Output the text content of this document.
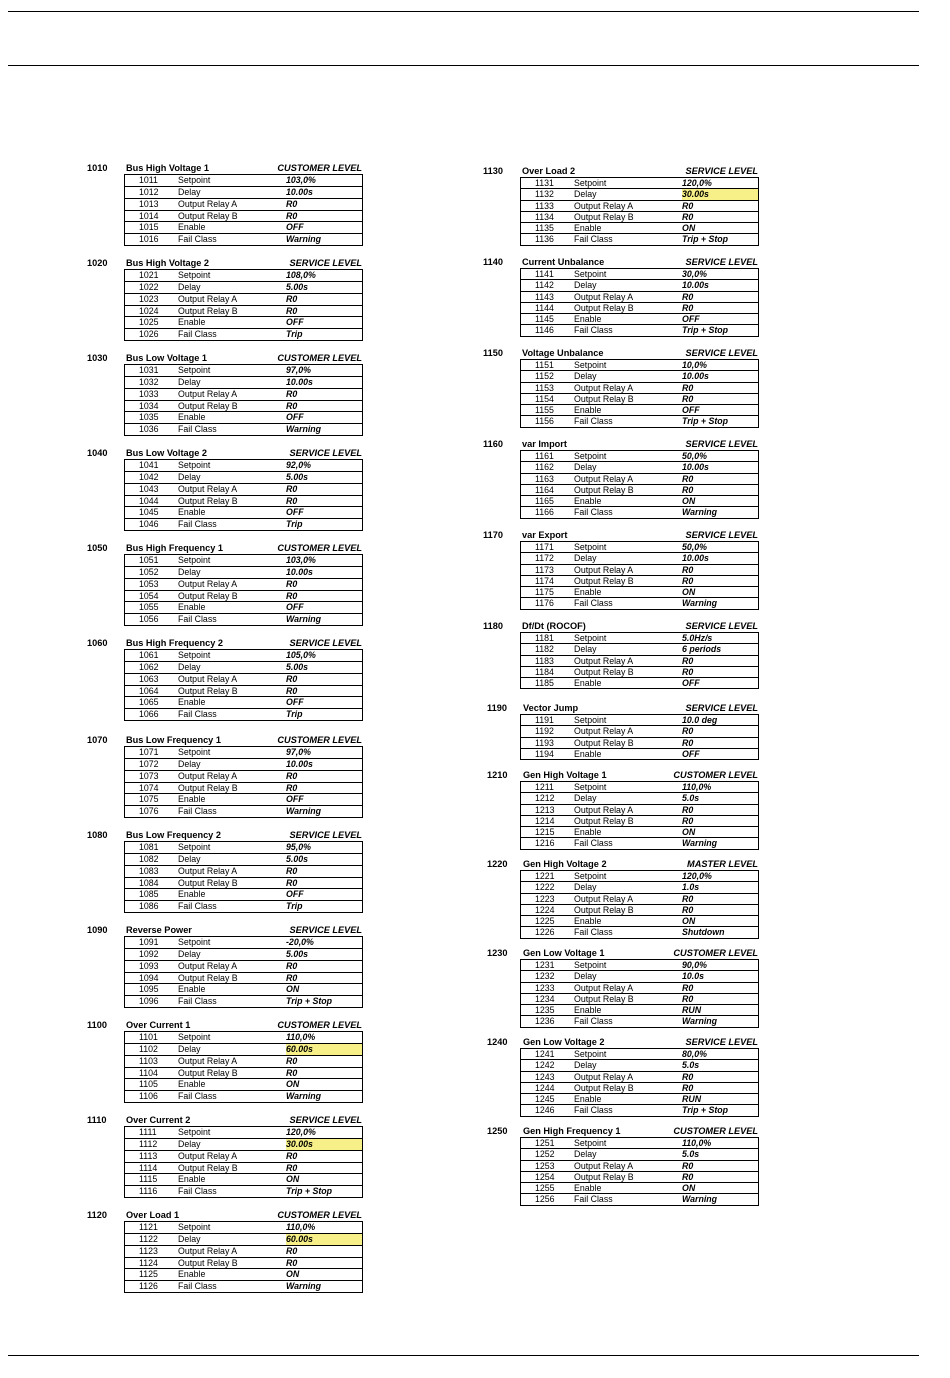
1010 Bus High Voltage 1	CUSTOMER LEVEL
1011 Setpoint	103,0%
1012 Delay	10.00s
1013 Output Relay A	R0
1014 Output Relay B	R0
1015 Enable	OFF
1016 Fail Class	Warning
1020 Bus High Voltage 2	SERVICE LEVEL
1021 Setpoint	108,0%
1022 Delay	5.00s
1023 Output Relay A	R0
1024 Output Relay B	R0
1025 Enable	OFF
1026 Fail Class	Trip
1030 Bus Low Voltage 1	CUSTOMER LEVEL
1031 Setpoint	97,0%
1032 Delay	10.00s
1033 Output Relay A	R0
1034 Output Relay B	R0
1035 Enable	OFF
1036 Fail Class	Warning
1040 Bus Low Voltage 2	SERVICE LEVEL
1041 Setpoint	92,0%
1042 Delay	5.00s
1043 Output Relay A	R0
1044 Output Relay B	R0
1045 Enable	OFF
1046 Fail Class	Trip
1050 Bus High Frequency 1	CUSTOMER LEVEL
1051 Setpoint	103,0%
1052 Delay	10.00s
1053 Output Relay A	R0
1054 Output Relay B	R0
1055 Enable	OFF
1056 Fail Class	Warning
1060 Bus High Frequency 2	SERVICE LEVEL
1061 Setpoint	105,0%
1062 Delay	5.00s
1063 Output Relay A	R0
1064 Output Relay B	R0
1065 Enable	OFF
1066 Fail Class	Trip
1070 Bus Low Frequency 1	CUSTOMER LEVEL
1071 Setpoint	97,0%
1072 Delay	10.00s
1073 Output Relay A	R0
1074 Output Relay B	R0
1075 Enable	OFF
1076 Fail Class	Warning
1080 Bus Low Frequency 2	SERVICE LEVEL
1081 Setpoint	95,0%
1082 Delay	5.00s
1083 Output Relay A	R0
1084 Output Relay B	R0
1085 Enable	OFF
1086 Fail Class	Trip
1090 Reverse Power	SERVICE LEVEL
1091 Setpoint	-20,0%
1092 Delay	5.00s
1093 Output Relay A	R0
1094 Output Relay B	R0
1095 Enable	ON
1096 Fail Class	Trip + Stop
1100 Over Current 1	CUSTOMER LEVEL
1101 Setpoint	110,0%
1102 Delay	60.00s
1103 Output Relay A	R0
1104 Output Relay B	R0
1105 Enable	ON
1106 Fail Class	Warning
1110 Over Current 2	SERVICE LEVEL
1111 Setpoint	120,0%
1112 Delay	30.00s
1113 Output Relay A	R0
1114 Output Relay B	R0
1115 Enable	ON
1116 Fail Class	Trip + Stop
1120 Over Load 1	CUSTOMER LEVEL
1121 Setpoint	110,0%
1122 Delay	60.00s
1123 Output Relay A	R0
1124 Output Relay B	R0
1125 Enable	ON
1126 Fail Class	Warning
1130 Over Load 2	SERVICE LEVEL
1131 Setpoint	120,0%
1132 Delay	30.00s
1133 Output Relay A	R0
1134 Output Relay B	R0
1135 Enable	ON
1136 Fail Class	Trip + Stop
1140 Current Unbalance	SERVICE LEVEL
1141 Setpoint	30,0%
1142 Delay	10.00s
1143 Output Relay A	R0
1144 Output Relay B	R0
1145 Enable	OFF
1146 Fail Class	Trip + Stop
1150 Voltage Unbalance	SERVICE LEVEL
1151 Setpoint	10,0%
1152 Delay	10.00s
1153 Output Relay A	R0
1154 Output Relay B	R0
1155 Enable	OFF
1156 Fail Class	Trip + Stop
1160 var Import	SERVICE LEVEL
1161 Setpoint	50,0%
1162 Delay	10.00s
1163 Output Relay A	R0
1164 Output Relay B	R0
1165 Enable	ON
1166 Fail Class	Warning
1170 var Export	SERVICE LEVEL
1171 Setpoint	50,0%
1172 Delay	10.00s
1173 Output Relay A	R0
1174 Output Relay B	R0
1175 Enable	ON
1176 Fail Class	Warning
1180 Df/Dt (ROCOF)	SERVICE LEVEL
1181 Setpoint	5.0Hz/s
1182 Delay	6 periods
1183 Output Relay A	R0
1184 Output Relay B	R0
1185 Enable	OFF
1190 Vector Jump	SERVICE LEVEL
1191 Setpoint	10.0 deg
1192 Output Relay A	R0
1193 Output Relay B	R0
1194 Enable	OFF
1210 Gen High Voltage 1	CUSTOMER LEVEL
1211 Setpoint	110,0%
1212 Delay	5.0s
1213 Output Relay A	R0
1214 Output Relay B	R0
1215 Enable	ON
1216 Fail Class	Warning
1220 Gen High Voltage 2	MASTER LEVEL
1221 Setpoint	120,0%
1222 Delay	1.0s
1223 Output Relay A	R0
1224 Output Relay B	R0
1225 Enable	ON
1226 Fail Class	Shutdown
1230 Gen Low Voltage 1	CUSTOMER LEVEL
1231 Setpoint	90,0%
1232 Delay	10.0s
1233 Output Relay A	R0
1234 Output Relay B	R0
1235 Enable	RUN
1236 Fail Class	Warning
1240 Gen Low Voltage 2	SERVICE LEVEL
1241 Setpoint	80,0%
1242 Delay	5.0s
1243 Output Relay A	R0
1244 Output Relay B	R0
1245 Enable	RUN
1246 Fail Class	Trip + Stop
1250 Gen High Frequency 1	CUSTOMER LEVEL
1251 Setpoint	110,0%
1252 Delay	5.0s
1253 Output Relay A	R0
1254 Output Relay B	R0
1255 Enable	ON
1256 Fail Class	Warning
